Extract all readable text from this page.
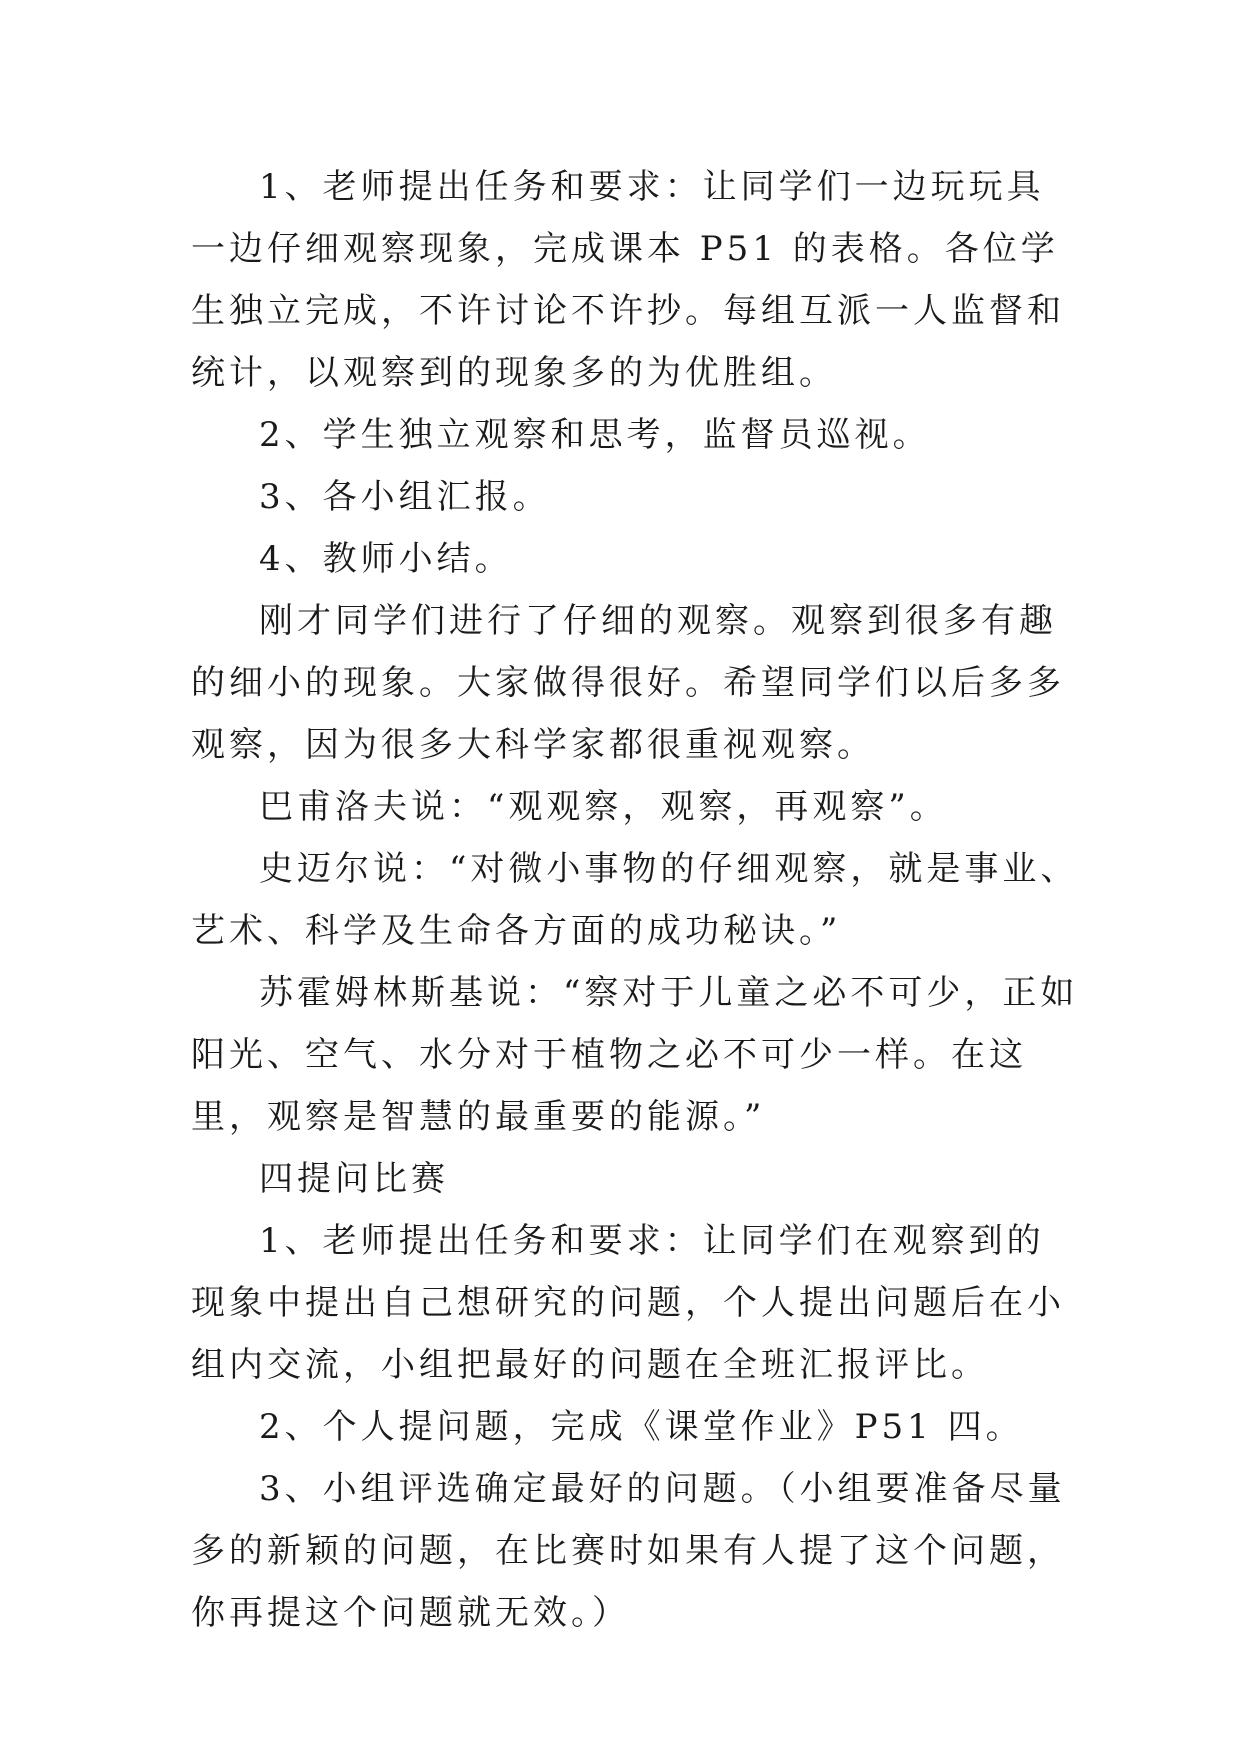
1、老师提出任务和要求：让同学们一边玩玩具一边仔细观察现象，完成课本 P51 的表格。各位学生独立完成，不许讨论不许抄。每组互派一人监督和统计，以观察到的现象多的为优胜组。

2、学生独立观察和思考，监督员巡视。

3、各小组汇报。

4、教师小结。

刚才同学们进行了仔细的观察。观察到很多有趣的细小的现象。大家做得很好。希望同学们以后多多观察，因为很多大科学家都很重视观察。

巴甫洛夫说：“观观察，观察，再观察”。

史迈尔说：“对微小事物的仔细观察，就是事业、艺术、科学及生命各方面的成功秘诀。”

苏霍姆林斯基说：“察对于儿童之必不可少，正如阳光、空气、水分对于植物之必不可少一样。在这里，观察是智慧的最重要的能源。”

四提问比赛

1、老师提出任务和要求：让同学们在观察到的现象中提出自己想研究的问题，个人提出问题后在小组内交流，小组把最好的问题在全班汇报评比。

2、个人提问题，完成《课堂作业》P51 四。

3、小组评选确定最好的问题。（小组要准备尽量多的新颖的问题，在比赛时如果有人提了这个问题，你再提这个问题就无效。）
